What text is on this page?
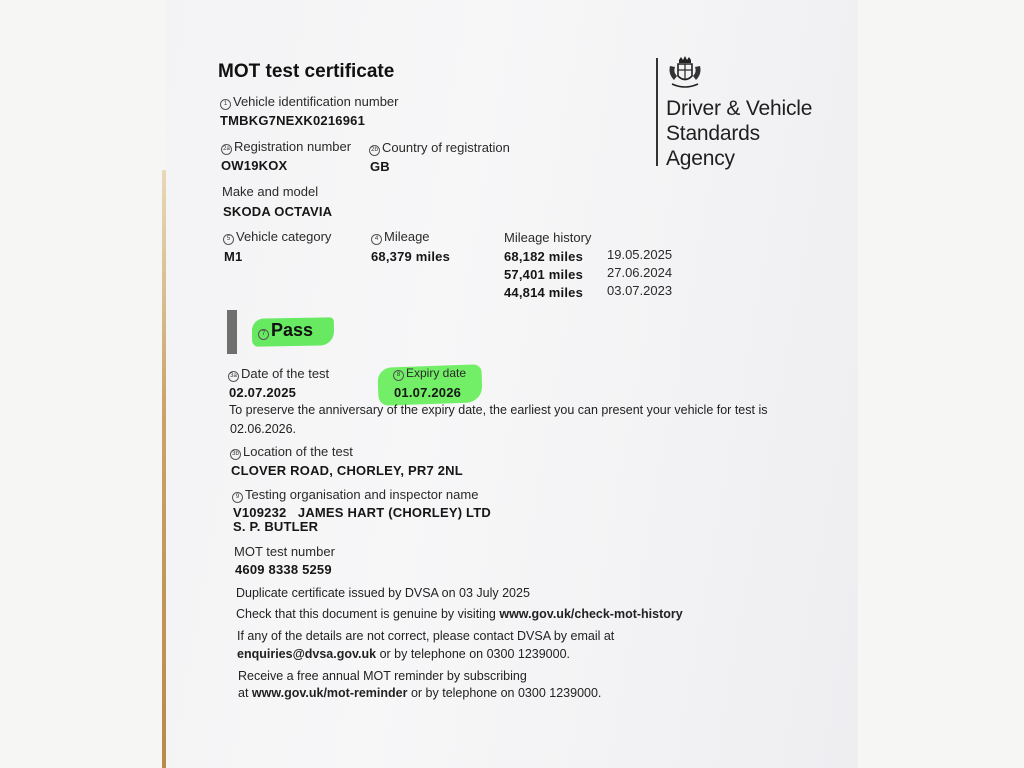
MOT test certificate
Driver & Vehicle
Standards
Agency
1 Vehicle identification number
TMBKG7NEXK0216961
2a Registration number
OW19KOX
2b Country of registration
GB
Make and model
SKODA OCTAVIA
5 Vehicle category
M1
4 Mileage
68,379 miles
Mileage history
68,182 miles 19.05.2025
57,401 miles 27.06.2024
44,814 miles 03.07.2023
7 Pass
3a Date of the test
02.07.2025
8 Expiry date
01.07.2026
To preserve the anniversary of the expiry date, the earliest you can present your vehicle for test is
02.06.2026.
3b Location of the test
CLOVER ROAD, CHORLEY, PR7 2NL
9 Testing organisation and inspector name
V109232   JAMES HART (CHORLEY) LTD
S. P. BUTLER
MOT test number
4609 8338 5259
Duplicate certificate issued by DVSA on 03 July 2025
Check that this document is genuine by visiting www.gov.uk/check-mot-history
If any of the details are not correct, please contact DVSA by email at
enquiries@dvsa.gov.uk or by telephone on 0300 1239000.
Receive a free annual MOT reminder by subscribing
at www.gov.uk/mot-reminder or by telephone on 0300 1239000.
